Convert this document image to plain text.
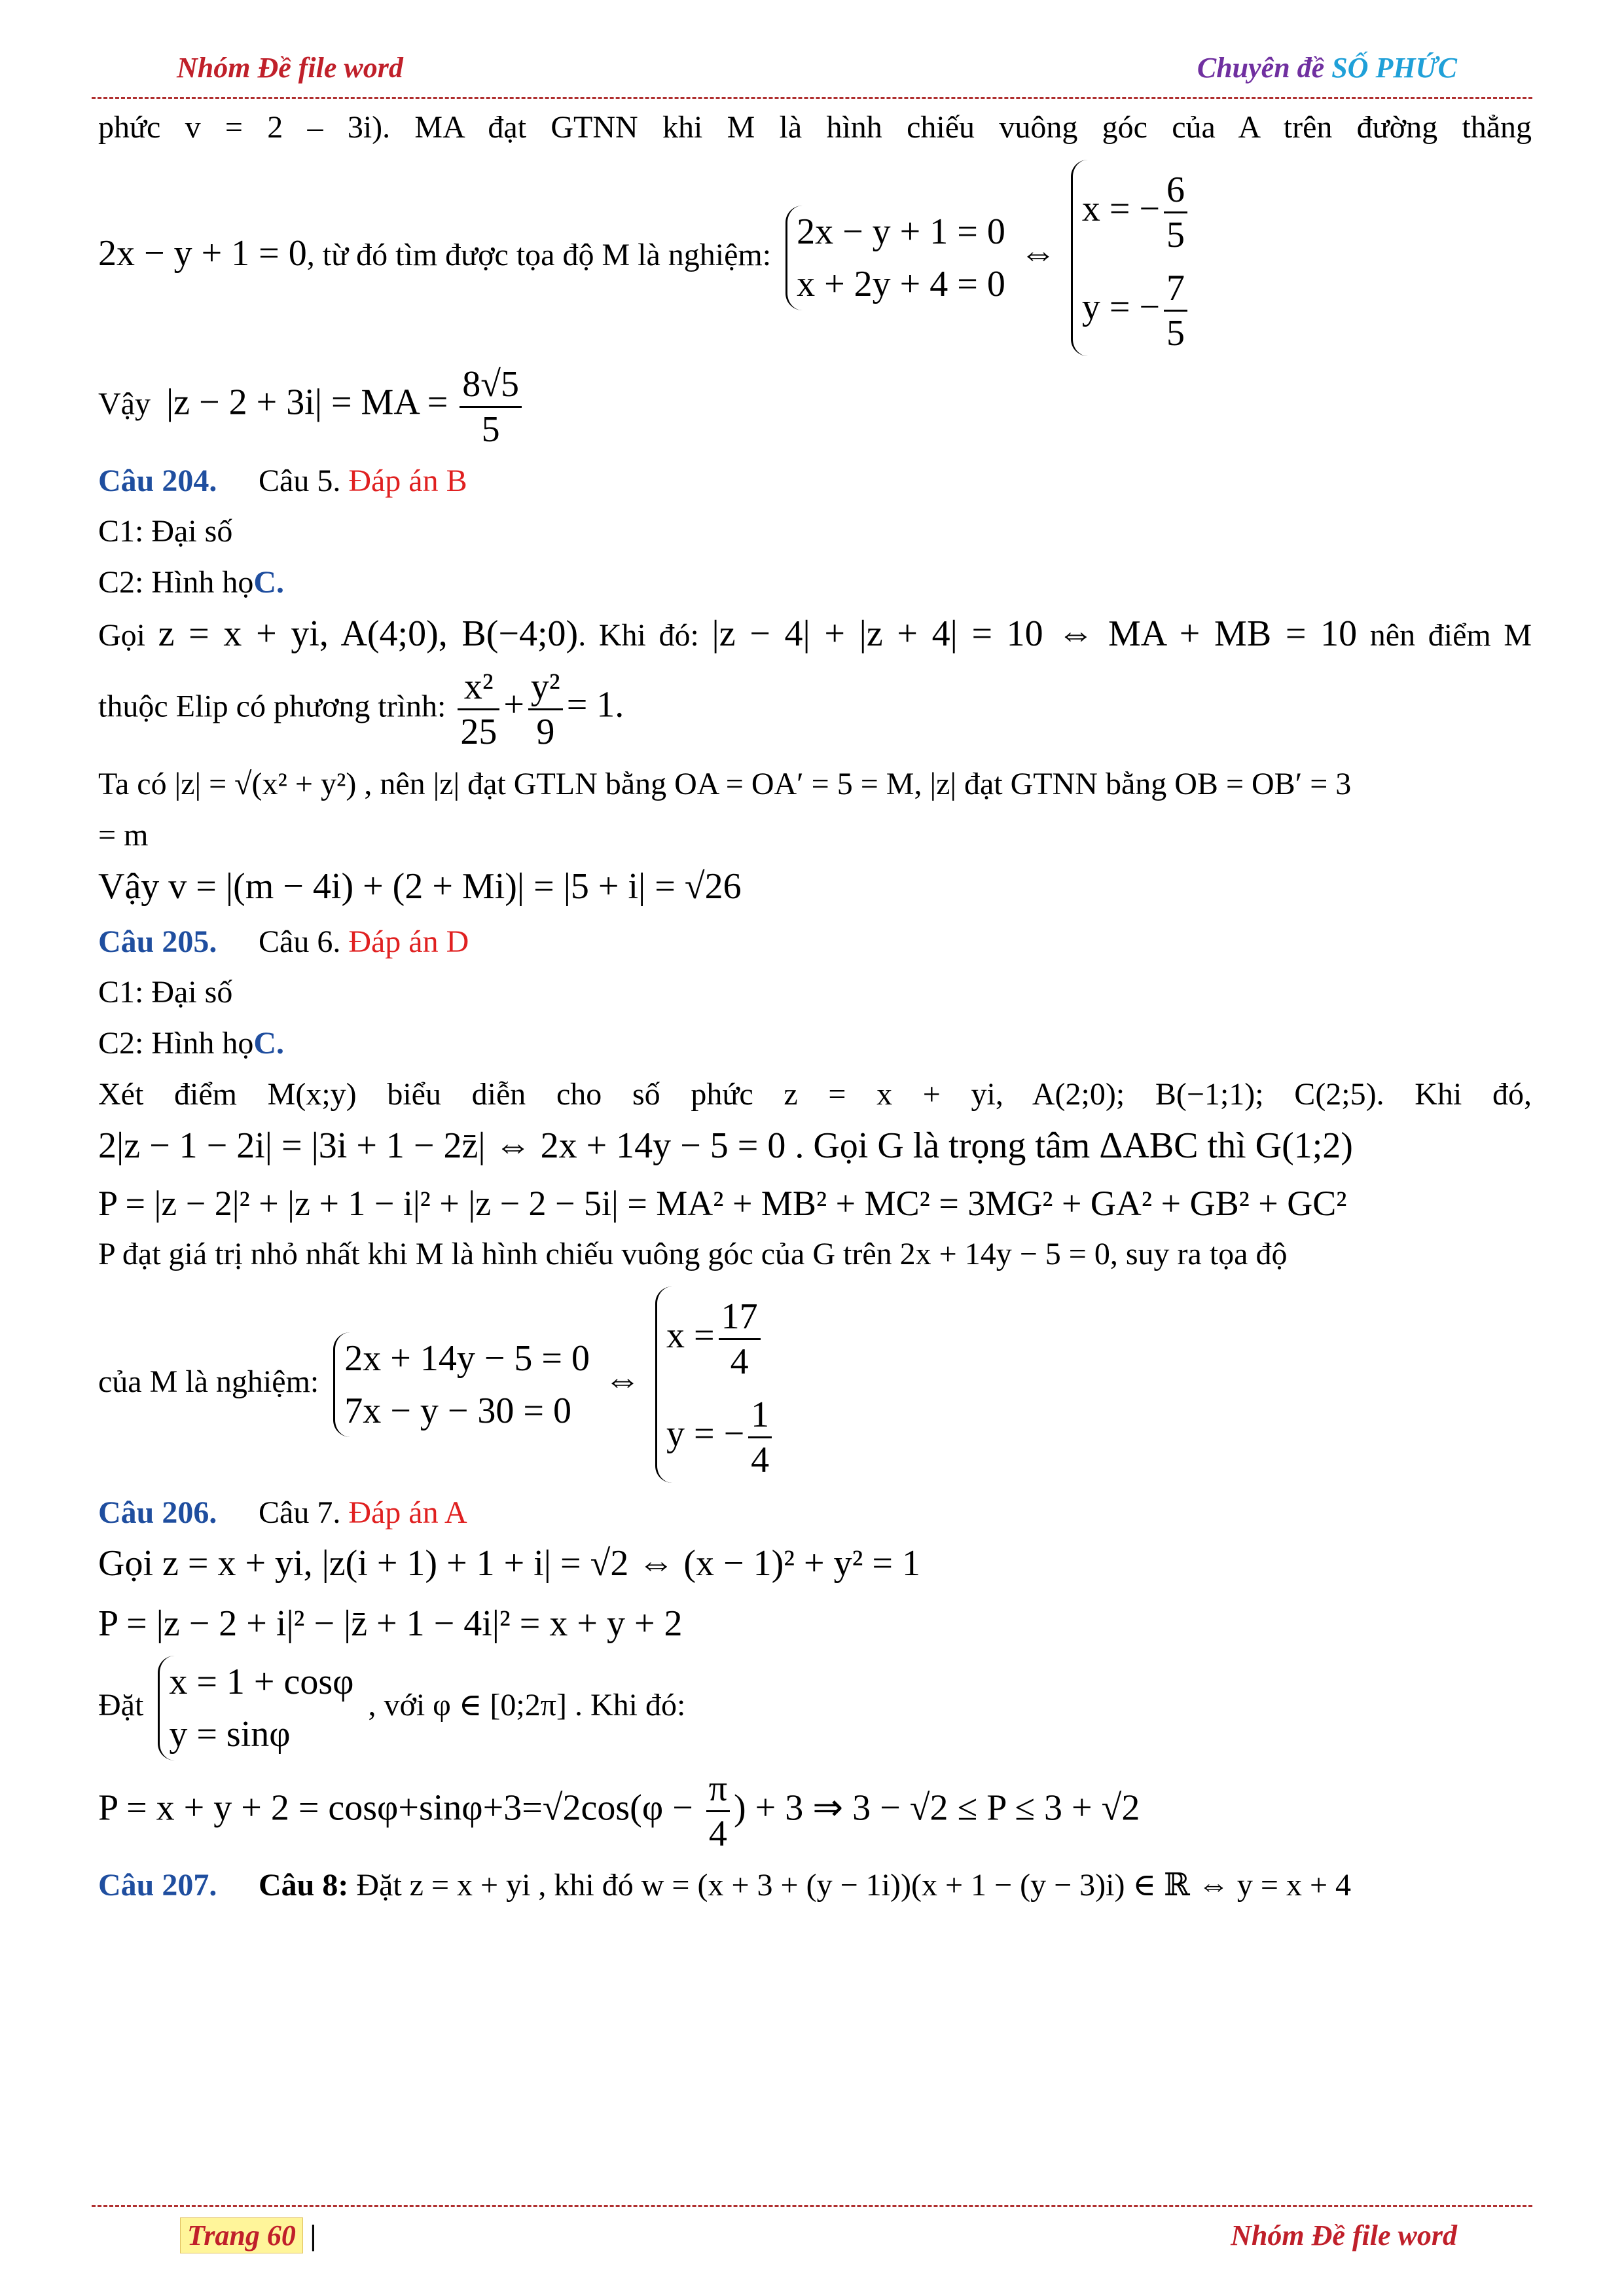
Nhóm Đề file word	Chuyên đề SỐ PHỨC
phức v = 2 – 3i). MA đạt GTNN khi M là hình chiếu vuông góc của A trên đường thẳng
2x − y + 1 = 0, từ đó tìm được tọa độ M là nghiệm:
2x − y + 1 = 0
x + 2y + 4 = 0
⇔
x = − $\frac{6}{5}$
y = − $\frac{7}{5}$
Vậy |z − 2 + 3i| = MA = $\frac{8√5}{5}$
Câu 204. Câu 5. Đáp án B
C1: Đại số
C2: Hình họC.
Gọi z = x + yi, A(4;0), B(−4;0). Khi đó: |z − 4| + |z + 4| = 10 ⇔ MA + MB = 10 nên điểm M
thuộc Elip có phương trình: $\frac{\text{x²}}{25} + \frac{\text{y²}}{9} = 1$.
Ta có |z| = √(x² + y²) , nên |z| đạt GTLN bằng OA = OA′ = 5 = M, |z| đạt GTNN bằng OB = OB′ = 3
= m
Vậy v = |(m − 4i) + (2 + Mi)| = |5 + i| = √26
Câu 205. Câu 6. Đáp án D
C1: Đại số
C2: Hình họC.
Xét điểm M(x;y) biểu diễn cho số phức z = x + yi, A(2;0); B(−1;1); C(2;5). Khi đó,
2|z − 1 − 2i| = |3i + 1 − 2z̄| ⇔ 2x + 14y − 5 = 0 . Gọi G là trọng tâm ΔABC thì G(1;2)
P = |z − 2|² + |z + 1 − i|² + |z − 2 − 5i| = MA² + MB² + MC² = 3MG² + GA² + GB² + GC²
P đạt giá trị nhỏ nhất khi M là hình chiếu vuông góc của G trên 2x + 14y − 5 = 0, suy ra tọa độ
của M là nghiệm:
2x + 14y − 5 = 0
7x − y − 30 = 0
⇔
$x = \frac{17}{4}$
y = − $\frac{1}{4}$
Câu 206. Câu 7. Đáp án A
Gọi z = x + yi, |z(i + 1) + 1 + i| = √2 ⇔ (x − 1)² + y² = 1
P = |z − 2 + i|² − |z̄ + 1 − 4i|² = x + y + 2
Đặt
x = 1 + cosφ
y = sinφ
, với φ ∈ [0;2π] . Khi đó:
$P = x + y + 2 = \cos\varphi+\sin\varphi+3=√2\cos(\varphi - \frac{\pi}{4}$ ) + 3 ⇒ 3 − √2 ≤ P ≤ 3 + √2
Câu 207. Câu 8: Đặt z = x + yi , khi đó w = (x + 3 + (y − 1i))(x + 1 − (y − 3)i) ∈ ℝ ⇔ y = x + 4
Trang 60 |	Nhóm Đề file word
